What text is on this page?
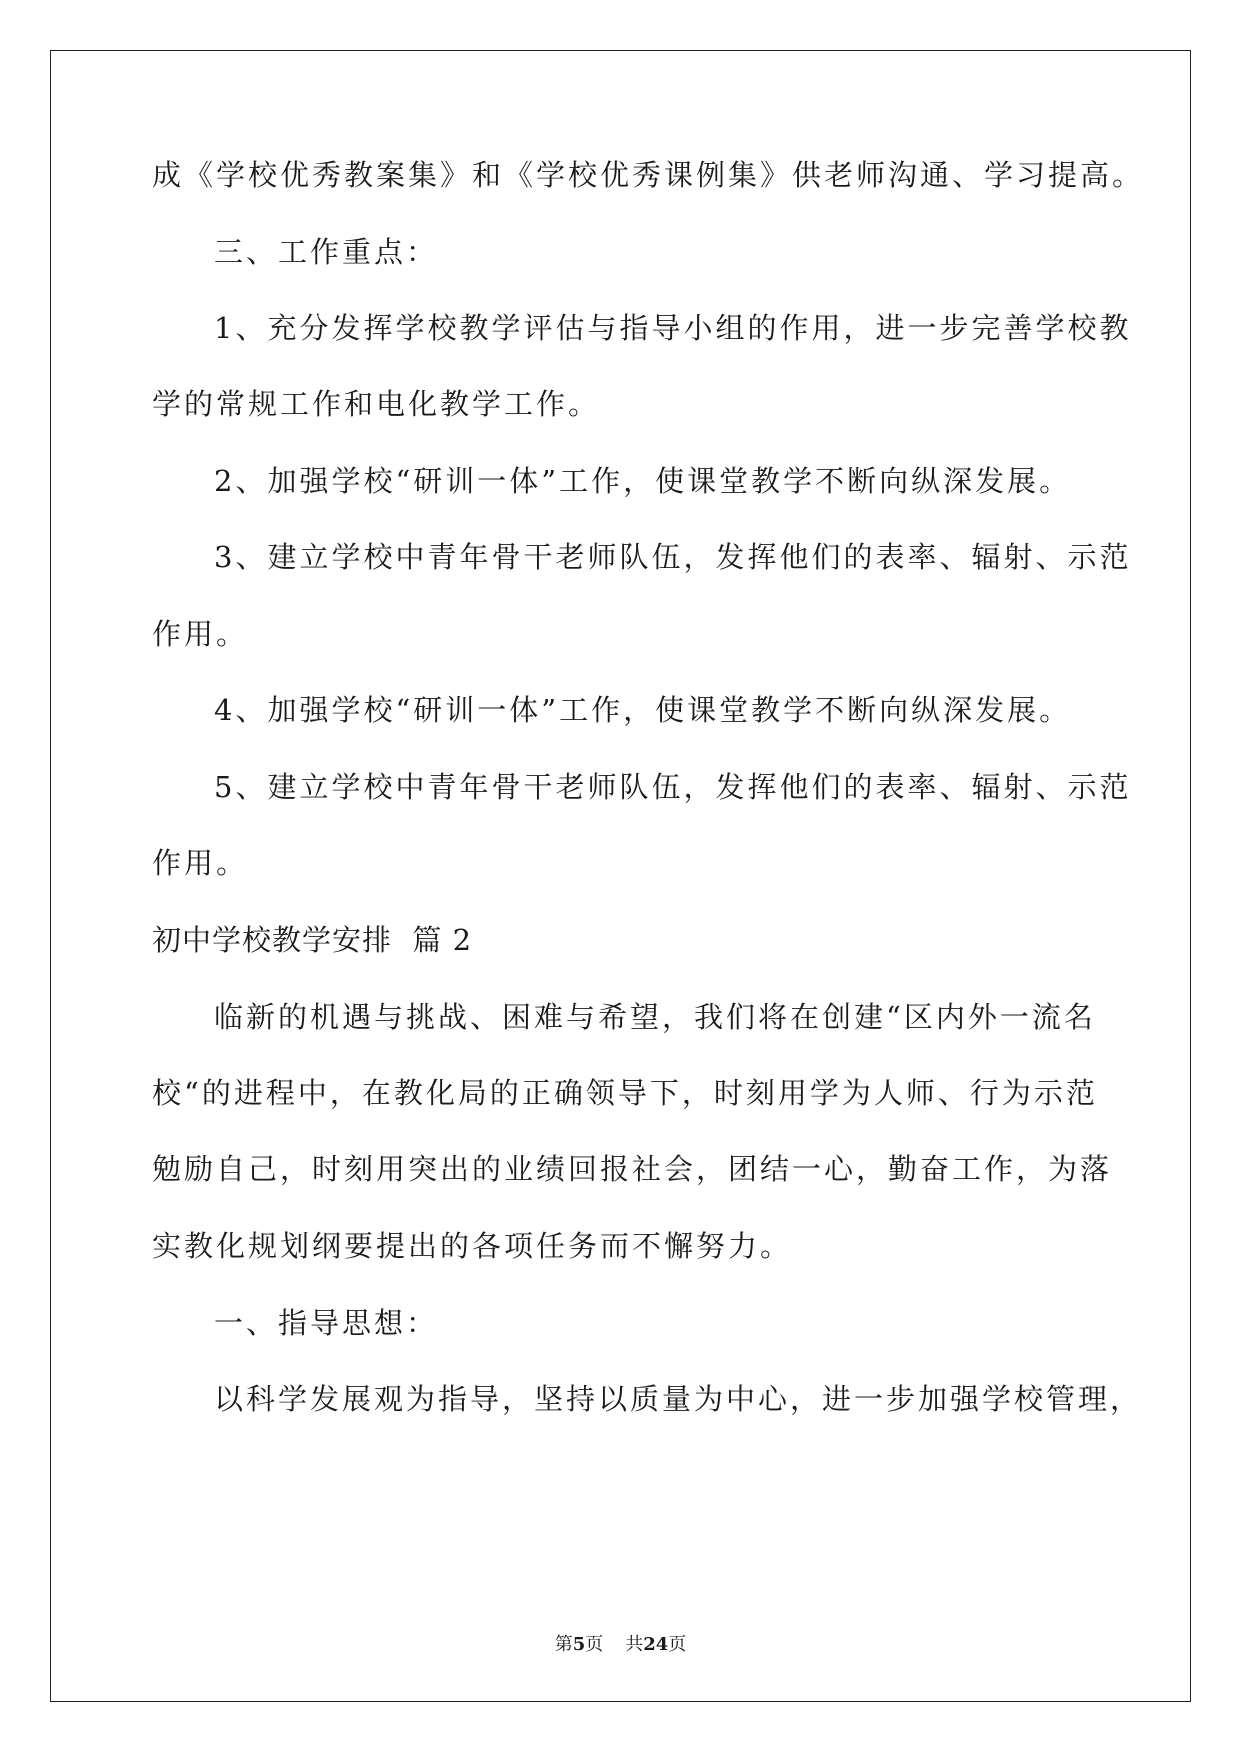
成《学校优秀教案集》和《学校优秀课例集》供老师沟通、学习提高。

三、工作重点：

1、充分发挥学校教学评估与指导小组的作用，进一步完善学校教

学的常规工作和电化教学工作。

2、加强学校“研训一体”工作，使课堂教学不断向纵深发展。

3、建立学校中青年骨干老师队伍，发挥他们的表率、辐射、示范

作用。

4、加强学校“研训一体”工作，使课堂教学不断向纵深发展。

5、建立学校中青年骨干老师队伍，发挥他们的表率、辐射、示范

作用。

初中学校教学安排  篇 2

临新的机遇与挑战、困难与希望，我们将在创建“区内外一流名

校“的进程中，在教化局的正确领导下，时刻用学为人师、行为示范

勉励自己，时刻用突出的业绩回报社会，团结一心，勤奋工作，为落

实教化规划纲要提出的各项任务而不懈努力。

一、指导思想：

以科学发展观为指导，坚持以质量为中心，进一步加强学校管理，

第5页 共24页
